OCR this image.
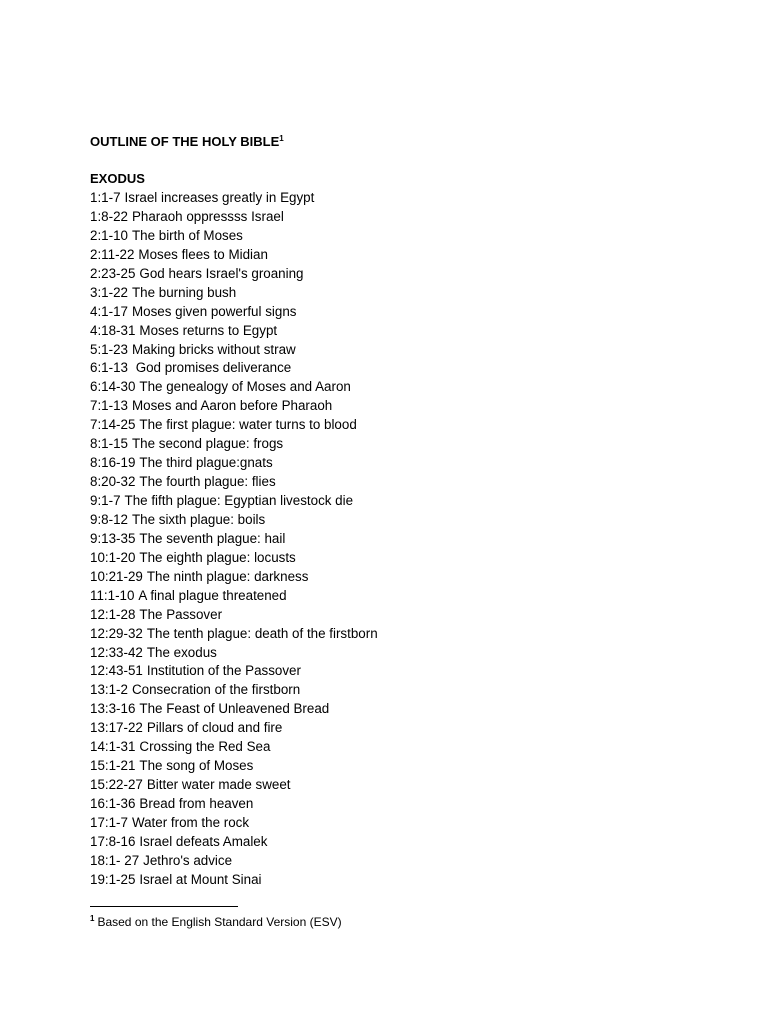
OUTLINE OF THE HOLY BIBLE$^1$
EXODUS
1:1-7 Israel increases greatly in Egypt
1:8-22 Pharaoh oppressss Israel
2:1-10 The birth of Moses
2:11-22 Moses flees to Midian
2:23-25 God hears Israel's groaning
3:1-22 The burning bush
4:1-17 Moses given powerful signs
4:18-31 Moses returns to Egypt
5:1-23 Making bricks without straw
6:1-13 God promises deliverance
6:14-30 The genealogy of Moses and Aaron
7:1-13 Moses and Aaron before Pharaoh
7:14-25 The first plague: water turns to blood
8:1-15 The second plague: frogs
8:16-19 The third plague:gnats
8:20-32 The fourth plague: flies
9:1-7 The fifth plague: Egyptian livestock die
9:8-12 The sixth plague: boils
9:13-35 The seventh plague: hail
10:1-20 The eighth plague: locusts
10:21-29 The ninth plague: darkness
11:1-10 A final plague threatened
12:1-28 The Passover
12:29-32 The tenth plague: death of the firstborn
12:33-42 The exodus
12:43-51 Institution of the Passover
13:1-2 Consecration of the firstborn
13:3-16 The Feast of Unleavened Bread
13:17-22 Pillars of cloud and fire
14:1-31 Crossing the Red Sea
15:1-21 The song of Moses
15:22-27 Bitter water made sweet
16:1-36 Bread from heaven
17:1-7 Water from the rock
17:8-16 Israel defeats Amalek
18:1- 27 Jethro's advice
19:1-25 Israel at Mount Sinai
$^1$ Based on the English Standard Version (ESV)
